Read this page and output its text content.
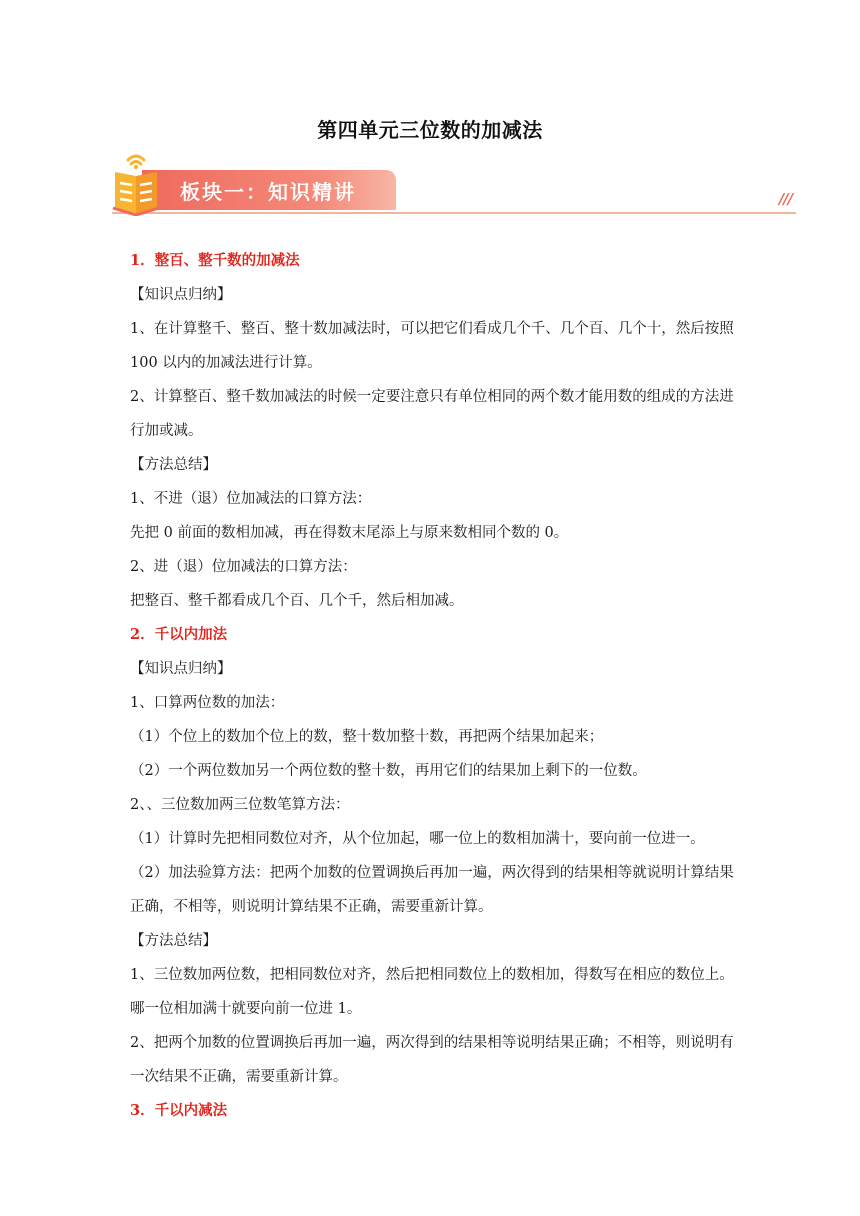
第四单元三位数的加减法
板块一：知识精讲	///

1．整百、整千数的加减法

【知识点归纳】

1、在计算整千、整百、整十数加减法时，可以把它们看成几个千、几个百、几个十，然后按照 100 以内的加减法进行计算。

2、计算整百、整千数加减法的时候一定要注意只有单位相同的两个数才能用数的组成的方法进行加或减。

【方法总结】

1、不进（退）位加减法的口算方法：

先把 0 前面的数相加减，再在得数末尾添上与原来数相同个数的 0。

2、进（退）位加减法的口算方法：

把整百、整千都看成几个百、几个千，然后相加减。

2．千以内加法

【知识点归纳】

1、口算两位数的加法：

（1）个位上的数加个位上的数，整十数加整十数，再把两个结果加起来；

（2）一个两位数加另一个两位数的整十数，再用它们的结果加上剩下的一位数。

2、、三位数加两三位数笔算方法：

（1）计算时先把相同数位对齐，从个位加起，哪一位上的数相加满十，要向前一位进一。

（2）加法验算方法：把两个加数的位置调换后再加一遍，两次得到的结果相等就说明计算结果正确，不相等，则说明计算结果不正确，需要重新计算。

【方法总结】

1、三位数加两位数，把相同数位对齐，然后把相同数位上的数相加，得数写在相应的数位上。哪一位相加满十就要向前一位进 1。

2、把两个加数的位置调换后再加一遍，两次得到的结果相等说明结果正确；不相等，则说明有一次结果不正确，需要重新计算。

3．千以内减法
